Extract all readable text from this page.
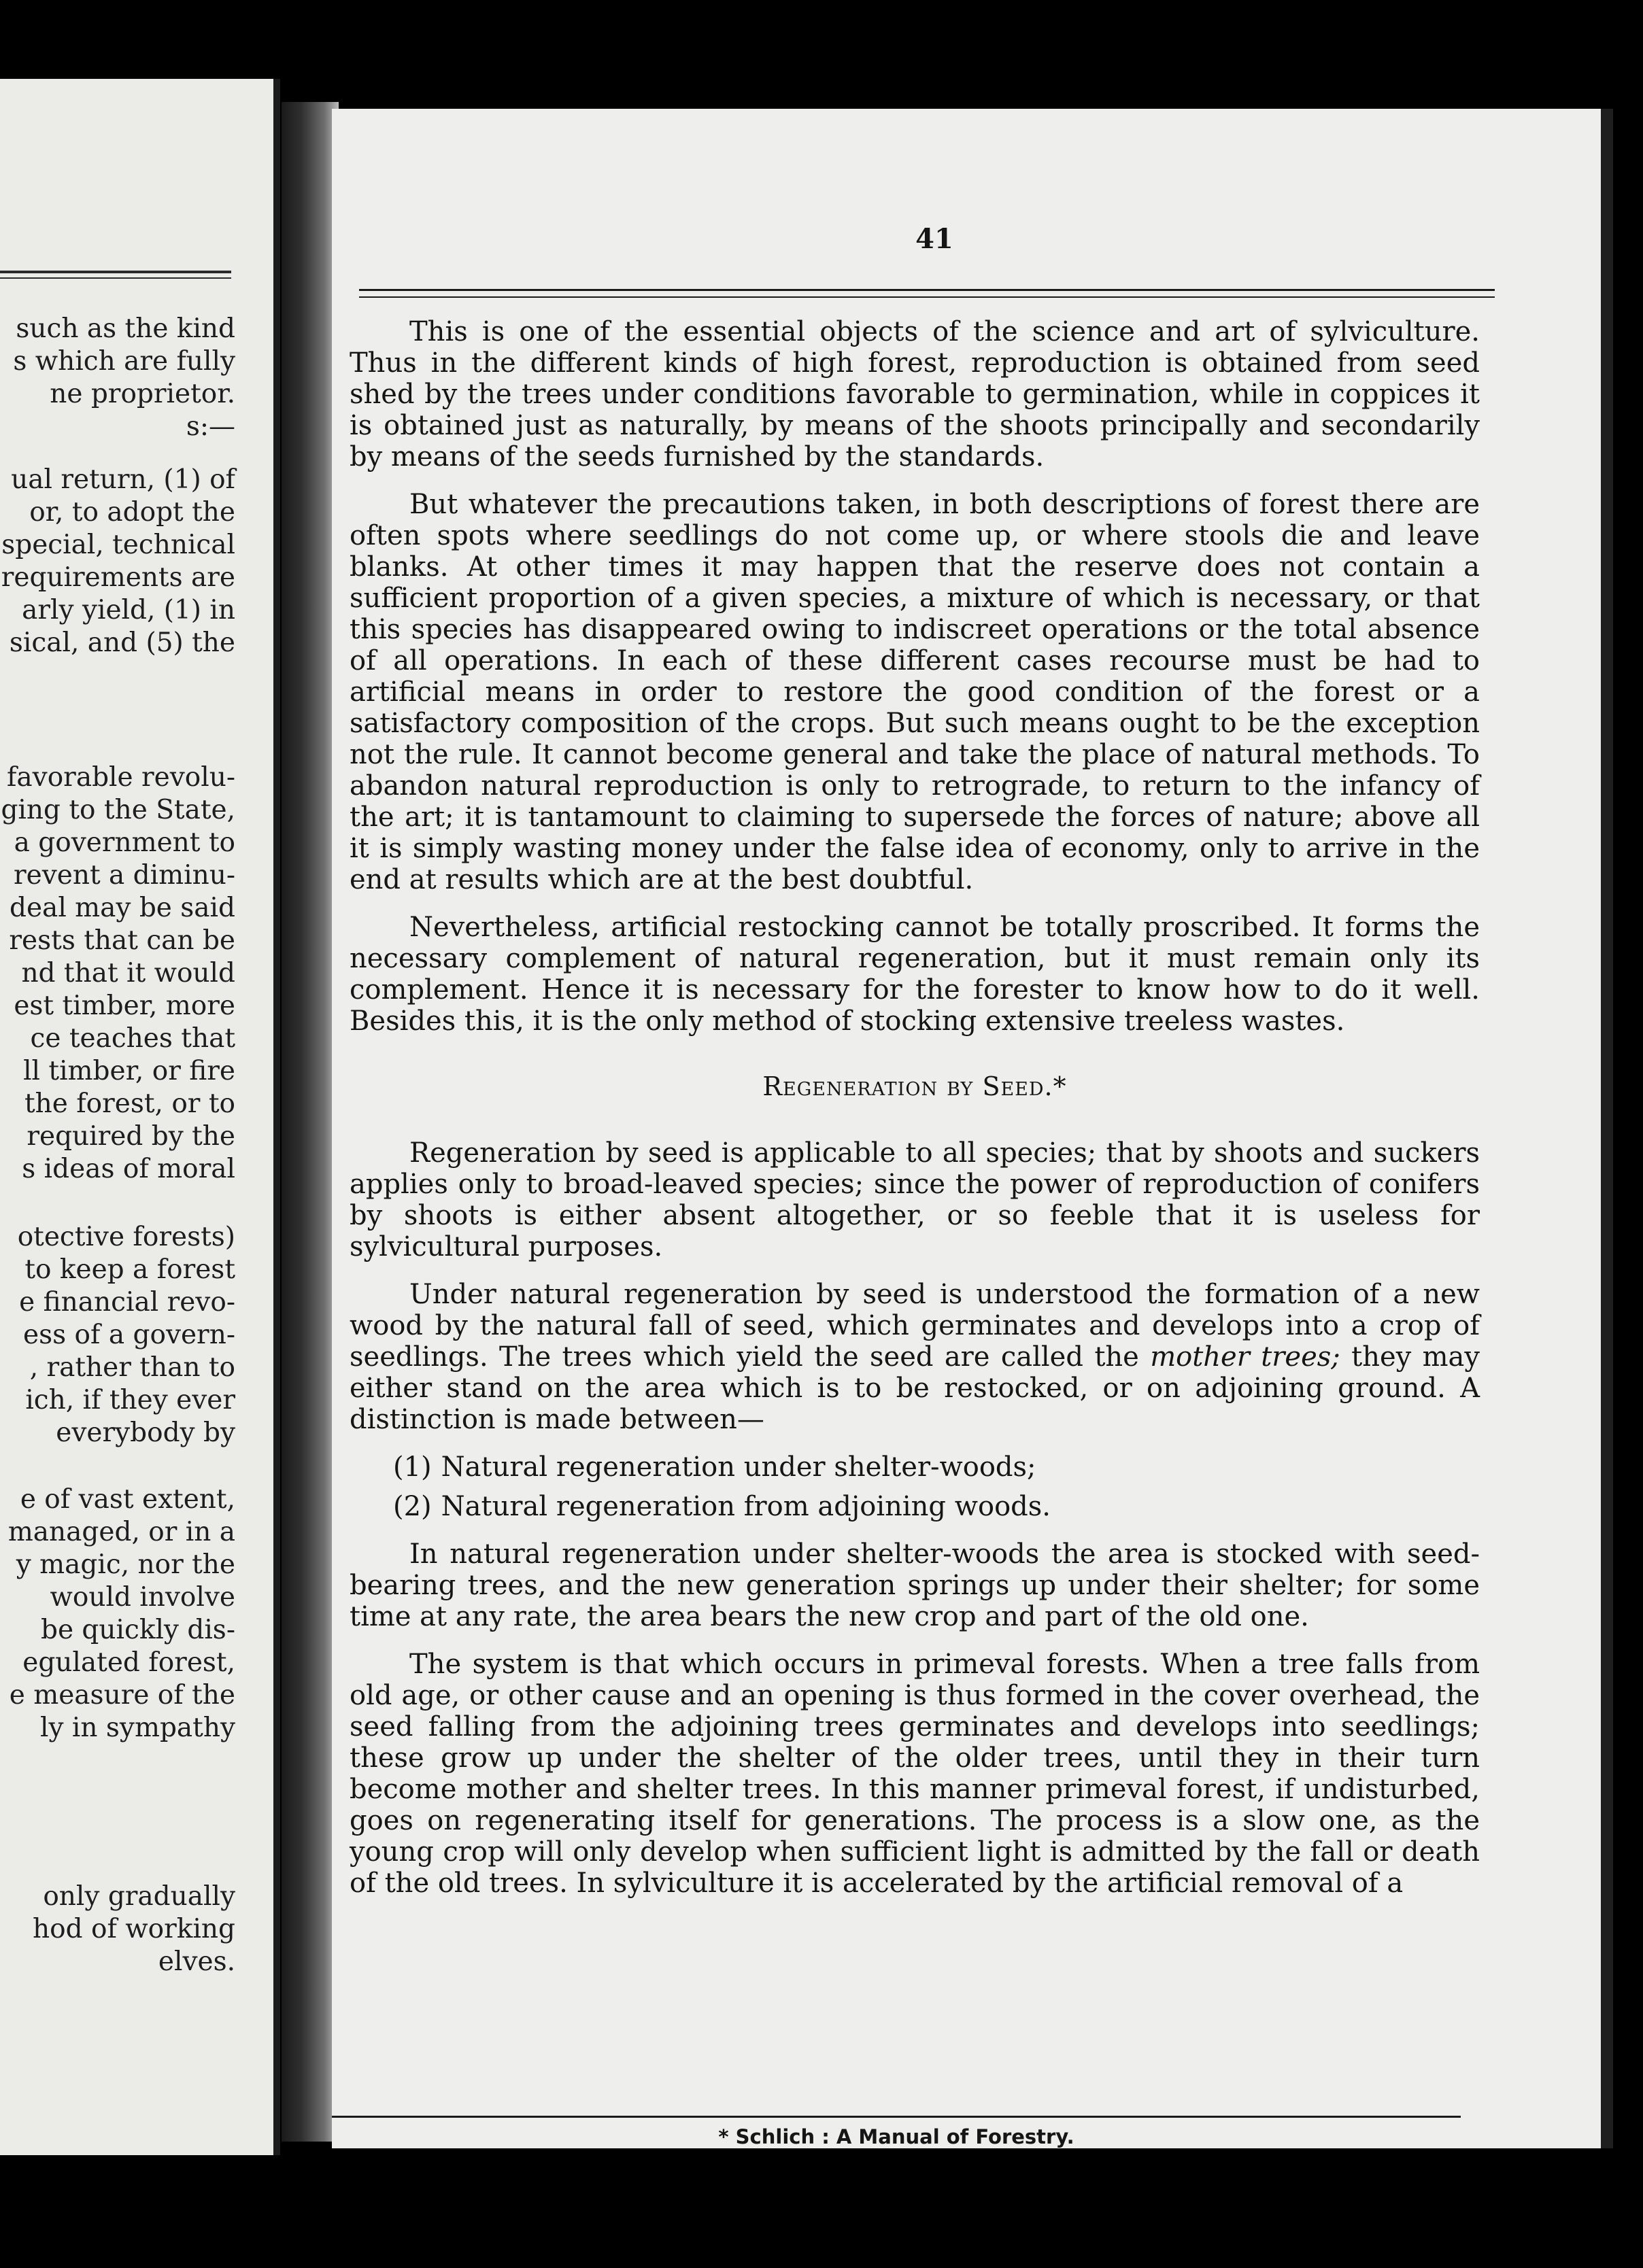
such as the kind
s which are fully
ne proprietor.
s:—
ual return, (1) of
or, to adopt the
special, technical
requirements are
arly yield, (1) in
sical, and (5) the
favorable revolu-
ging to the State,
a government to
revent a diminu-
deal may be said
rests that can be
nd that it would
est timber, more
ce teaches that
ll timber, or fire
the forest, or to
required by the
s ideas of moral
otective forests)
to keep a forest
e financial revo-
ess of a govern-
, rather than to
ich, if they ever
everybody by
e of vast extent,
managed, or in a
y magic, nor the
would involve
be quickly dis-
egulated forest,
e measure of the
ly in sympathy
only gradually
hod of working
elves.
41

This is one of the essential objects of the science and art of sylviculture. Thus in the different kinds of high forest, reproduction is obtained from seed shed by the trees under conditions favorable to germination, while in coppices it is obtained just as naturally, by means of the shoots principally and secondarily by means of the seeds furnished by the standards.

But whatever the precautions taken, in both descriptions of forest there are often spots where seedlings do not come up, or where stools die and leave blanks. At other times it may happen that the reserve does not contain a sufficient proportion of a given species, a mixture of which is necessary, or that this species has disappeared owing to indiscreet operations or the total absence of all operations. In each of these different cases recourse must be had to artificial means in order to restore the good condition of the forest or a satisfactory composition of the crops. But such means ought to be the exception not the rule. It cannot become general and take the place of natural methods. To abandon natural reproduction is only to retrograde, to return to the infancy of the art; it is tantamount to claiming to supersede the forces of nature; above all it is simply wasting money under the false idea of economy, only to arrive in the end at results which are at the best doubtful.

Nevertheless, artificial restocking cannot be totally proscribed. It forms the necessary complement of natural regeneration, but it must remain only its complement. Hence it is necessary for the forester to know how to do it well. Besides this, it is the only method of stocking extensive treeless wastes.

Regeneration by Seed.*

Regeneration by seed is applicable to all species; that by shoots and suckers applies only to broad-leaved species; since the power of reproduction of conifers by shoots is either absent altogether, or so feeble that it is useless for sylvicultural purposes.

Under natural regeneration by seed is understood the formation of a new wood by the natural fall of seed, which germinates and develops into a crop of seedlings. The trees which yield the seed are called the mother trees; they may either stand on the area which is to be restocked, or on adjoining ground. A distinction is made between—

(1) Natural regeneration under shelter-woods;
(2) Natural regeneration from adjoining woods.

In natural regeneration under shelter-woods the area is stocked with seed-bearing trees, and the new generation springs up under their shelter; for some time at any rate, the area bears the new crop and part of the old one.

The system is that which occurs in primeval forests. When a tree falls from old age, or other cause and an opening is thus formed in the cover overhead, the seed falling from the adjoining trees germinates and develops into seedlings; these grow up under the shelter of the older trees, until they in their turn become mother and shelter trees. In this manner primeval forest, if undisturbed, goes on regenerating itself for generations. The process is a slow one, as the young crop will only develop when sufficient light is admitted by the fall or death of the old trees. In sylviculture it is accelerated by the artificial removal of a

* Schlich : A Manual of Forestry.
